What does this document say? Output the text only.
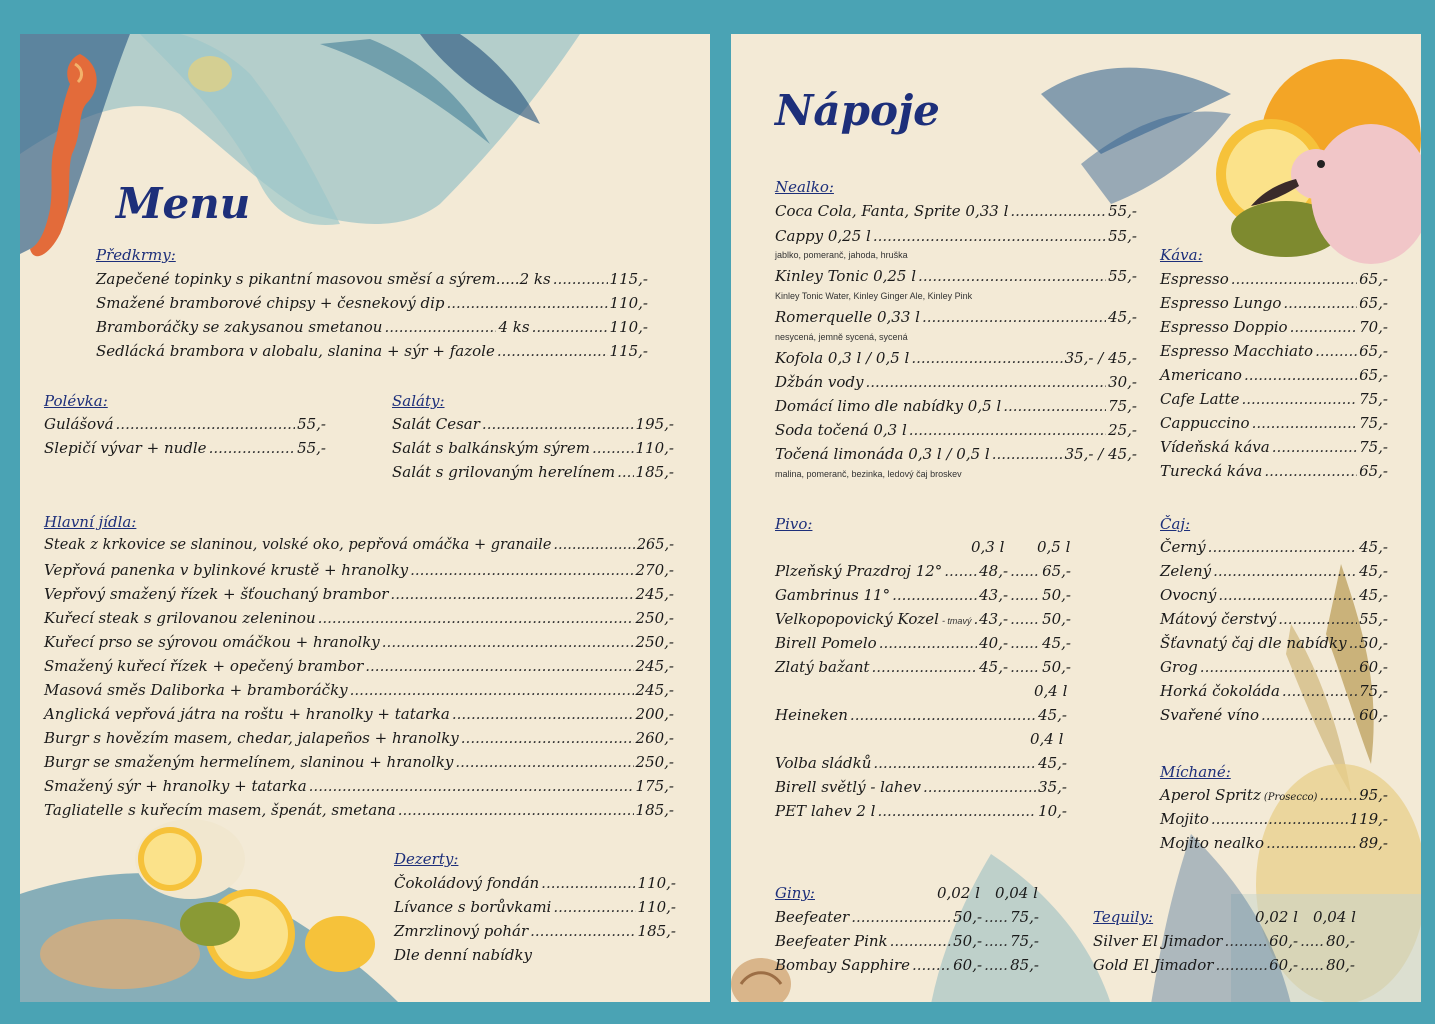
Menu
Předkrmy:
Zapečené topinky s pikantní masovou směsí a sýrem.....2 ks .....	115,-
Smažené bramborové chipsy + česnekový dip .....	110,-
Bramboráčky se zakysanou smetanou .....	4 ks .....	110,-
Sedlácká brambora v alobalu, slanina + sýr + fazole .....	115,-
Polévka:
Gulášová .....	55,-
Slepičí vývar + nudle .....	55,-
Saláty:
Salát Cesar .....	195,-
Salát s balkánským sýrem .....	110,-
Salát s grilovaným herelínem ..... 185,-
Hlavní jídla:
Steak z krkovice se slaninou, volské oko, pepřová omáčka + granaile .....	265,-
Vepřová panenka v bylinkové krustě + hranolky .....	270,-
Vepřový smažený řízek + šťouchaný brambor .....	245,-
Kuřecí steak s grilovanou zeleninou .....	250,-
Kuřecí prso se sýrovou omáčkou + hranolky .....	250,-
Smažený kuřecí řízek + opečený brambor .....	245,-
Masová směs Daliborka + bramboráčky .....	245,-
Anglická vepřová játra na roštu + hranolky + tatarka .....	200,-
Burgr s hovězím masem, chedar, jalapeños + hranolky .....	260,-
Burgr se smaženým hermelínem, slaninou + hranolky .....	250,-
Smažený sýr + hranolky + tatarka .....	175,-
Tagliatelle s kuřecím masem, špenát, smetana .....	185,-
Dezerty:
Čokoládový fondán .....	110,-
Lívance s borůvkami .....	110,-
Zmrzlinový pohár .....	185,-
Dle denní nabídky
Nápoje
Nealko:
Coca Cola, Fanta, Sprite 0,33 l .....	55,-
Cappy 0,25 l .....	55,-
jablko, pomeranč, jahoda, hruška
Kinley Tonic 0,25 l .....	55,-
Kinley Tonic Water, Kinley Ginger Ale, Kinley Pink
Romerquelle 0,33 l .....	45,-
nesycená, jemně sycená, sycená
Kofola 0,3 l / 0,5 l .....	35,- / 45,-
Džbán vody .....	30,-
Domácí limo dle nabídky 0,5 l .....	75,-
Soda točená 0,3 l .....	25,-
Točená limonáda 0,3 l / 0,5 l .....	35,- / 45,-
malina, pomeranč, bezinka, ledový čaj broskev
Pivo:
0,3 l 0,5 l
Plzeňský Prazdroj 12° ..... 48,- ..... 65,-
Gambrinus 11° .....	43,- ..... 50,-
Velkopopovický Kozel - tmavý ..... 43,- ..... 50,-
Birell Pomelo .....	40,- ..... 45,-
Zlatý bažant .....	45,- ..... 50,-
0,4 l
Heineken .....	45,-
0,4 l
Volba sládků .....	45,-
Birell světlý - lahev .....	35,-
PET lahev 2 l .....	10,-
Giny:	0,02 l 0,04 l
Beefeater .....	50,- ..... 75,-
Beefeater Pink .....	50,- ..... 75,-
Bombay Sapphire .....	60,- ..... 85,-
Tequily:	0,02 l 0,04 l
Silver El Jimador .....	60,- ..... 80,-
Gold El Jimador .....	60,- ..... 80,-
Káva:
Espresso .....	65,-
Espresso Lungo .....	65,-
Espresso Doppio .....	70,-
Espresso Macchiato .....	65,-
Americano .....	65,-
Cafe Latte .....	75,-
Cappuccino .....	75,-
Vídeňská káva .....	75,-
Turecká káva .....	65,-
Čaj:
Černý .....	45,-
Zelený .....	45,-
Ovocný .....	45,-
Mátový čerstvý .....	55,-
Šťavnatý čaj dle nabídky ..... 50,-
Grog .....	60,-
Horká čokoláda .....	75,-
Svařené víno .....	60,-
Míchané:
Aperol Spritz (Prosecco) .....	95,-
Mojito .....	119,-
Mojito nealko .....	89,-
